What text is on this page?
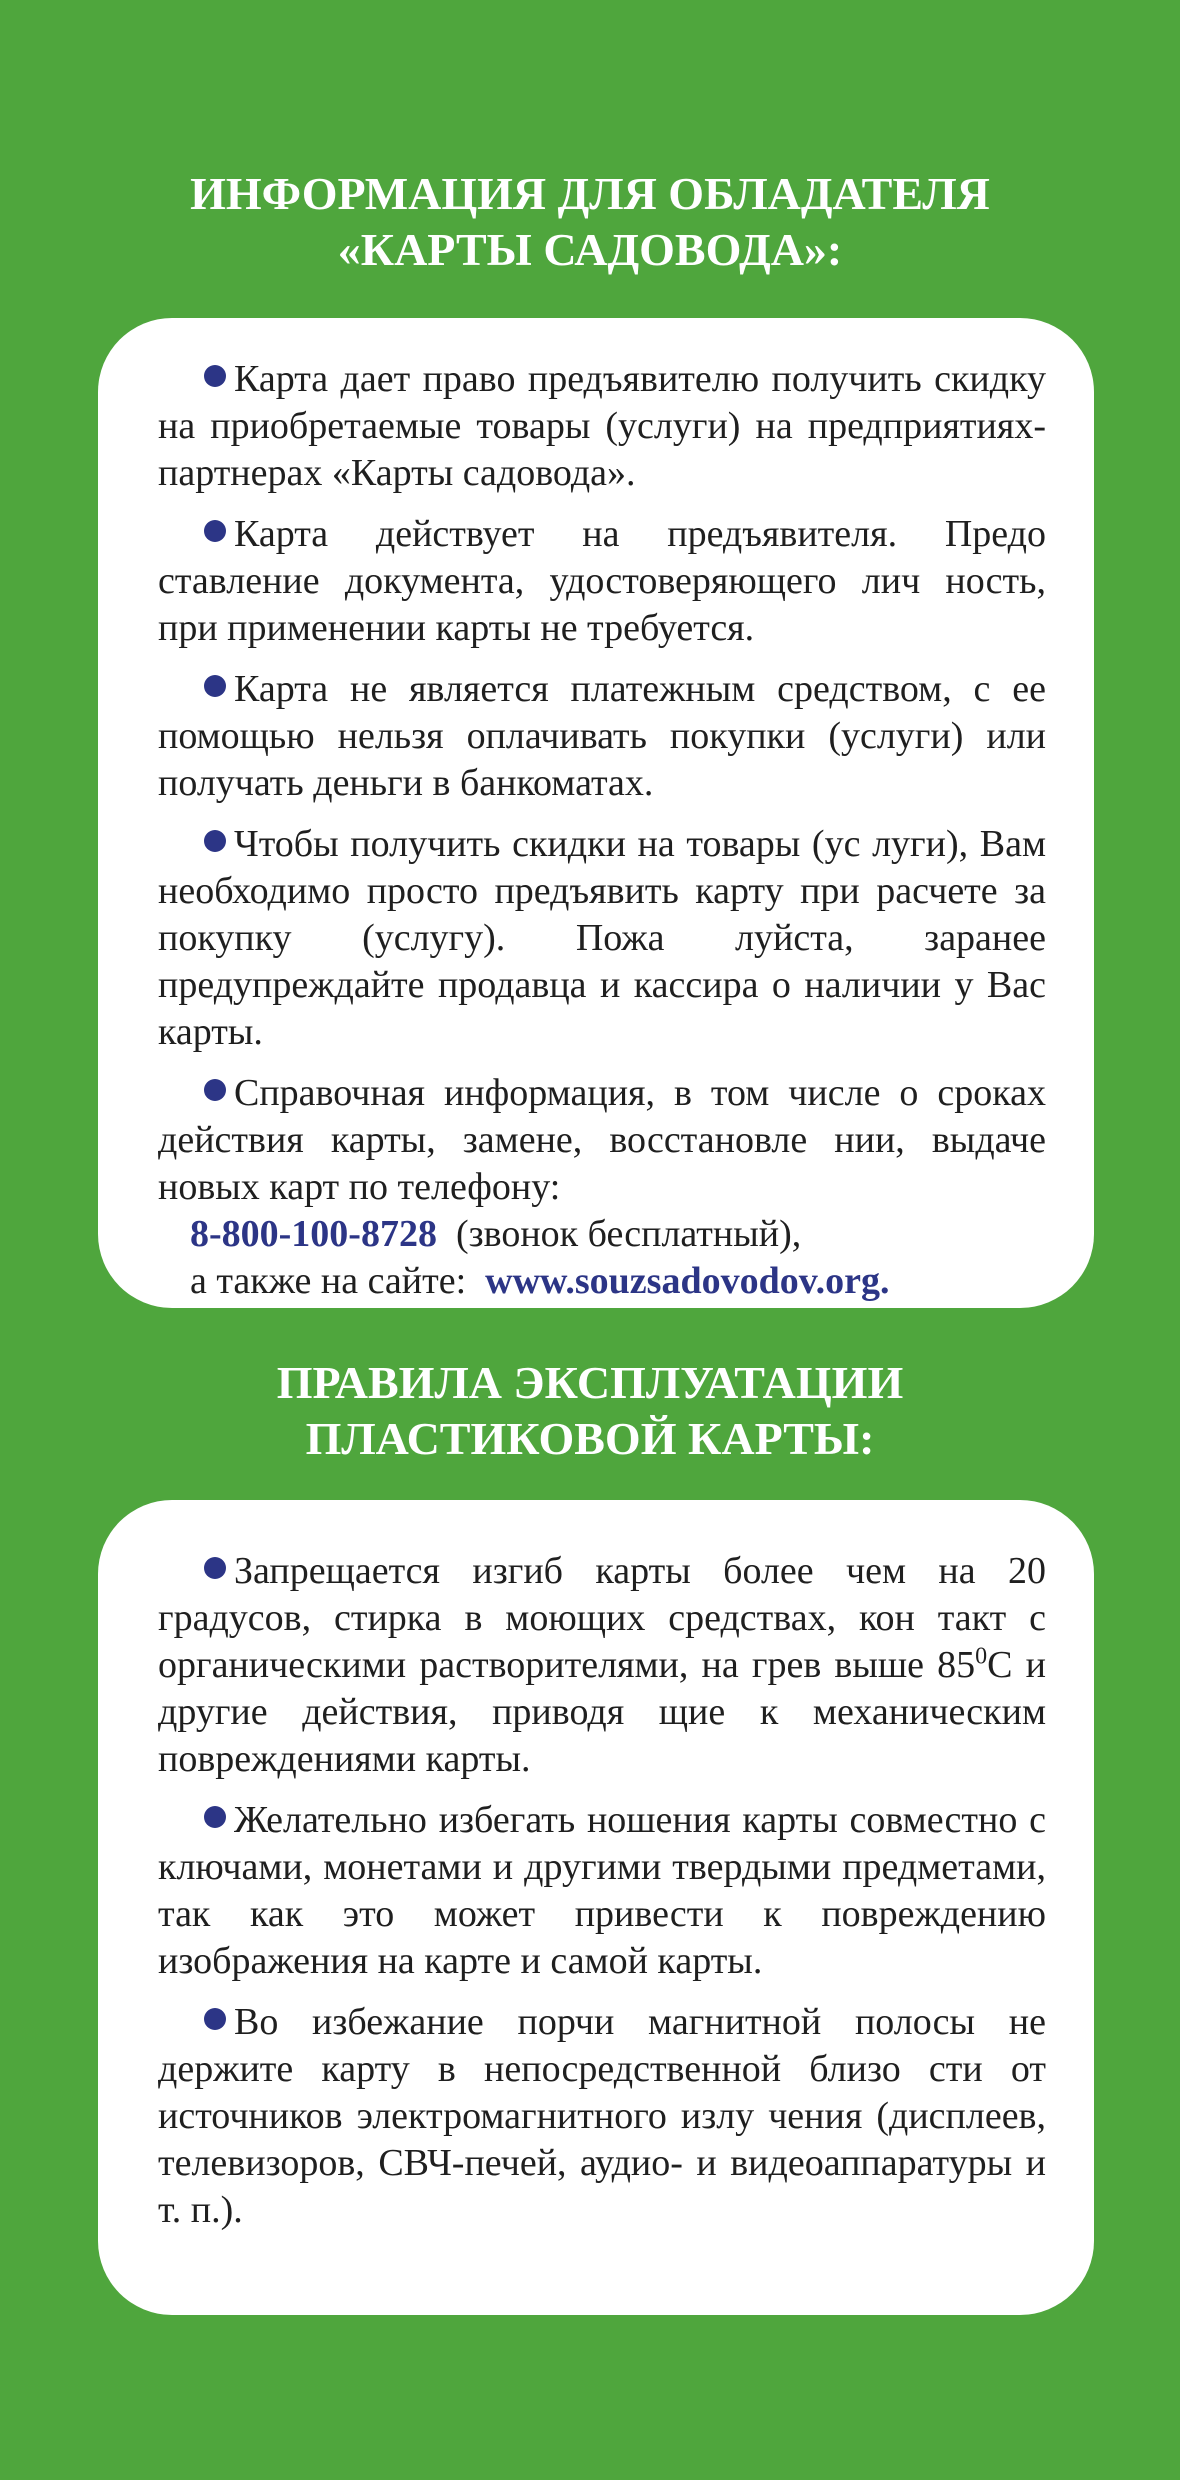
ИНФОРМАЦИЯ ДЛЯ ОБЛАДАТЕЛЯ
«КАРТЫ САДОВОДА»:

Карта дает право предъявителю получить скидку на приобретаемые товары (услуги) на предприятиях-партнерах «Карты садовода».

Карта действует на предъявителя. Предо ставление документа, удостоверяющего лич ность, при применении карты не требуется.

Карта не является платежным средством, с ее помощью нельзя оплачивать покупки (услуги) или получать деньги в банкоматах.

Чтобы получить скидки на товары (ус луги), Вам необходимо просто предъявить карту при расчете за покупку (услугу). Пожа луйста, заранее предупреждайте продавца и кассира о наличии у Вас карты.

Справочная информация, в том числе о сроках действия карты, замене, восстановле нии, выдаче новых карт по телефону:

8-800-100-8728 (звонок бесплатный),

а также на сайте: www.souzsadovodov.org.

ПРАВИЛА ЭКСПЛУАТАЦИИ
ПЛАСТИКОВОЙ КАРТЫ:

Запрещается изгиб карты более чем на 20 градусов, стирка в моющих средствах, кон такт с органическими растворителями, на грев выше $85^0С$ и другие действия, приводя щие к механическим повреждениями карты.

Желательно избегать ношения карты совместно с ключами, монетами и другими твердыми предметами, так как это может привести к повреждению изображения на карте и самой карты.

Во избежание порчи магнитной полосы не держите карту в непосредственной близо сти от источников электромагнитного излу чения (дисплеев, телевизоров, СВЧ-печей, аудио- и видеоаппаратуры и т. п.).
